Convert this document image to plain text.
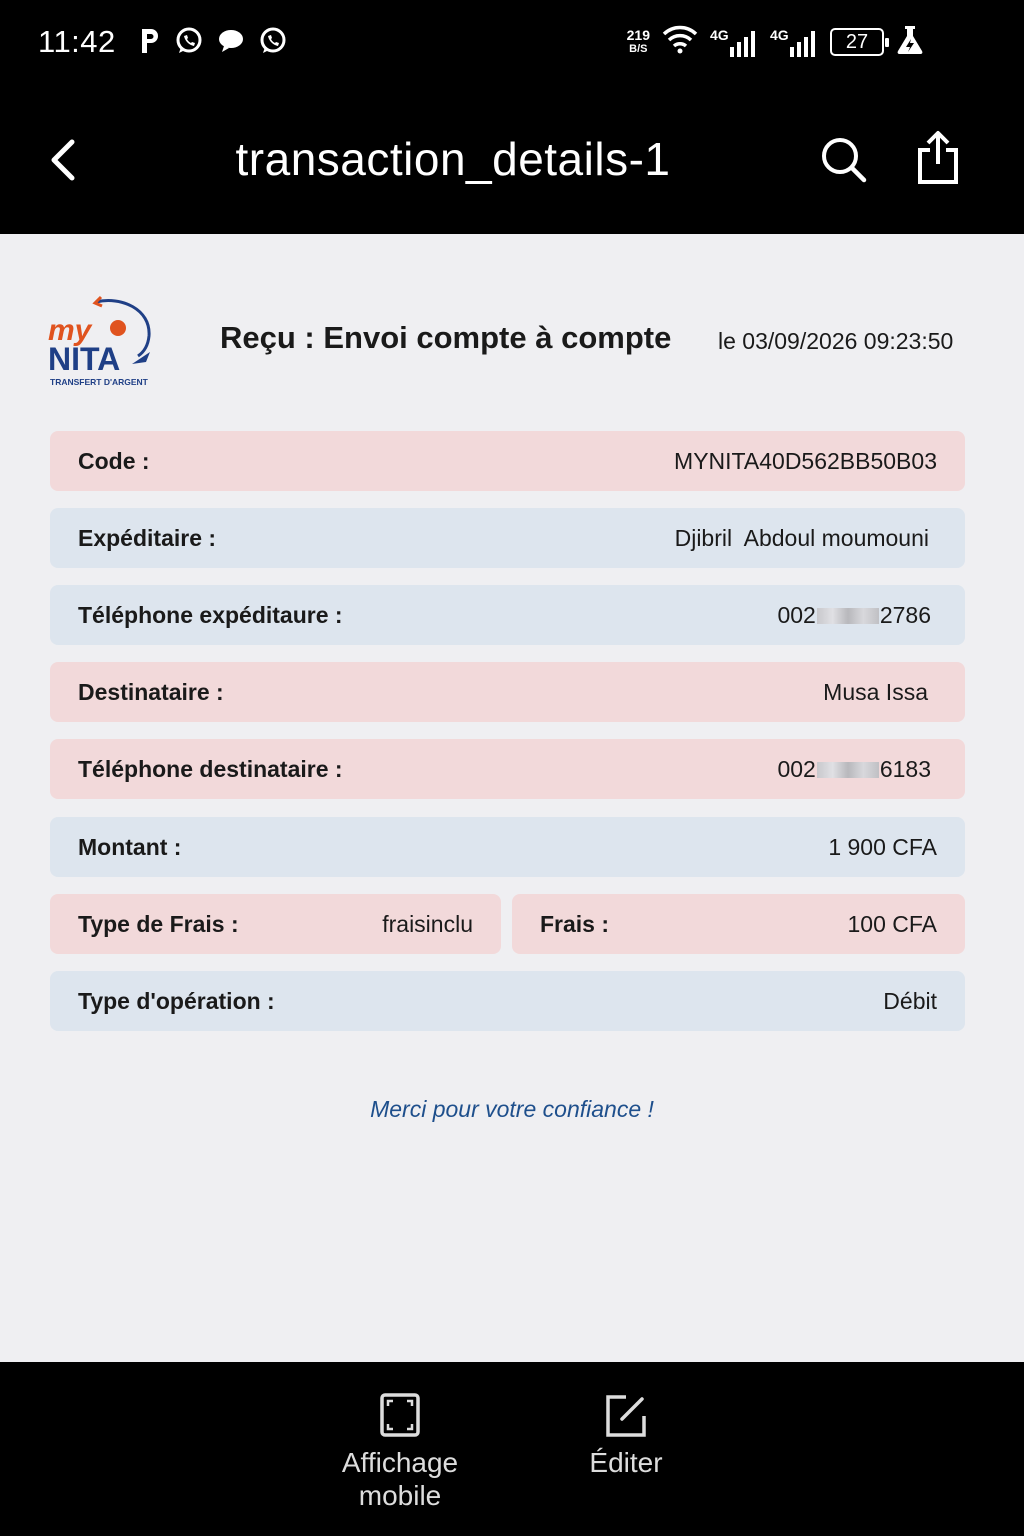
11:42	219
B/S
4G	4G	27
transaction_details-1
my
NITA
TRANSFERT D'ARGENT
Reçu : Envoi compte à compte le 03/09/2026 09:23:50
Code :	MYNITA40D562BB50B03
Expéditaire :	Djibril  Abdoul moumouni
Téléphone expéditaure :	002	2786
Destinataire :	Musa Issa
Téléphone destinataire :	002	6183
Montant :	1 900 CFA
Type de Frais :	fraisinclu	Frais :	100 CFA
Type d'opération :	Débit
Merci pour votre confiance !
Affichage
mobile
Éditer
